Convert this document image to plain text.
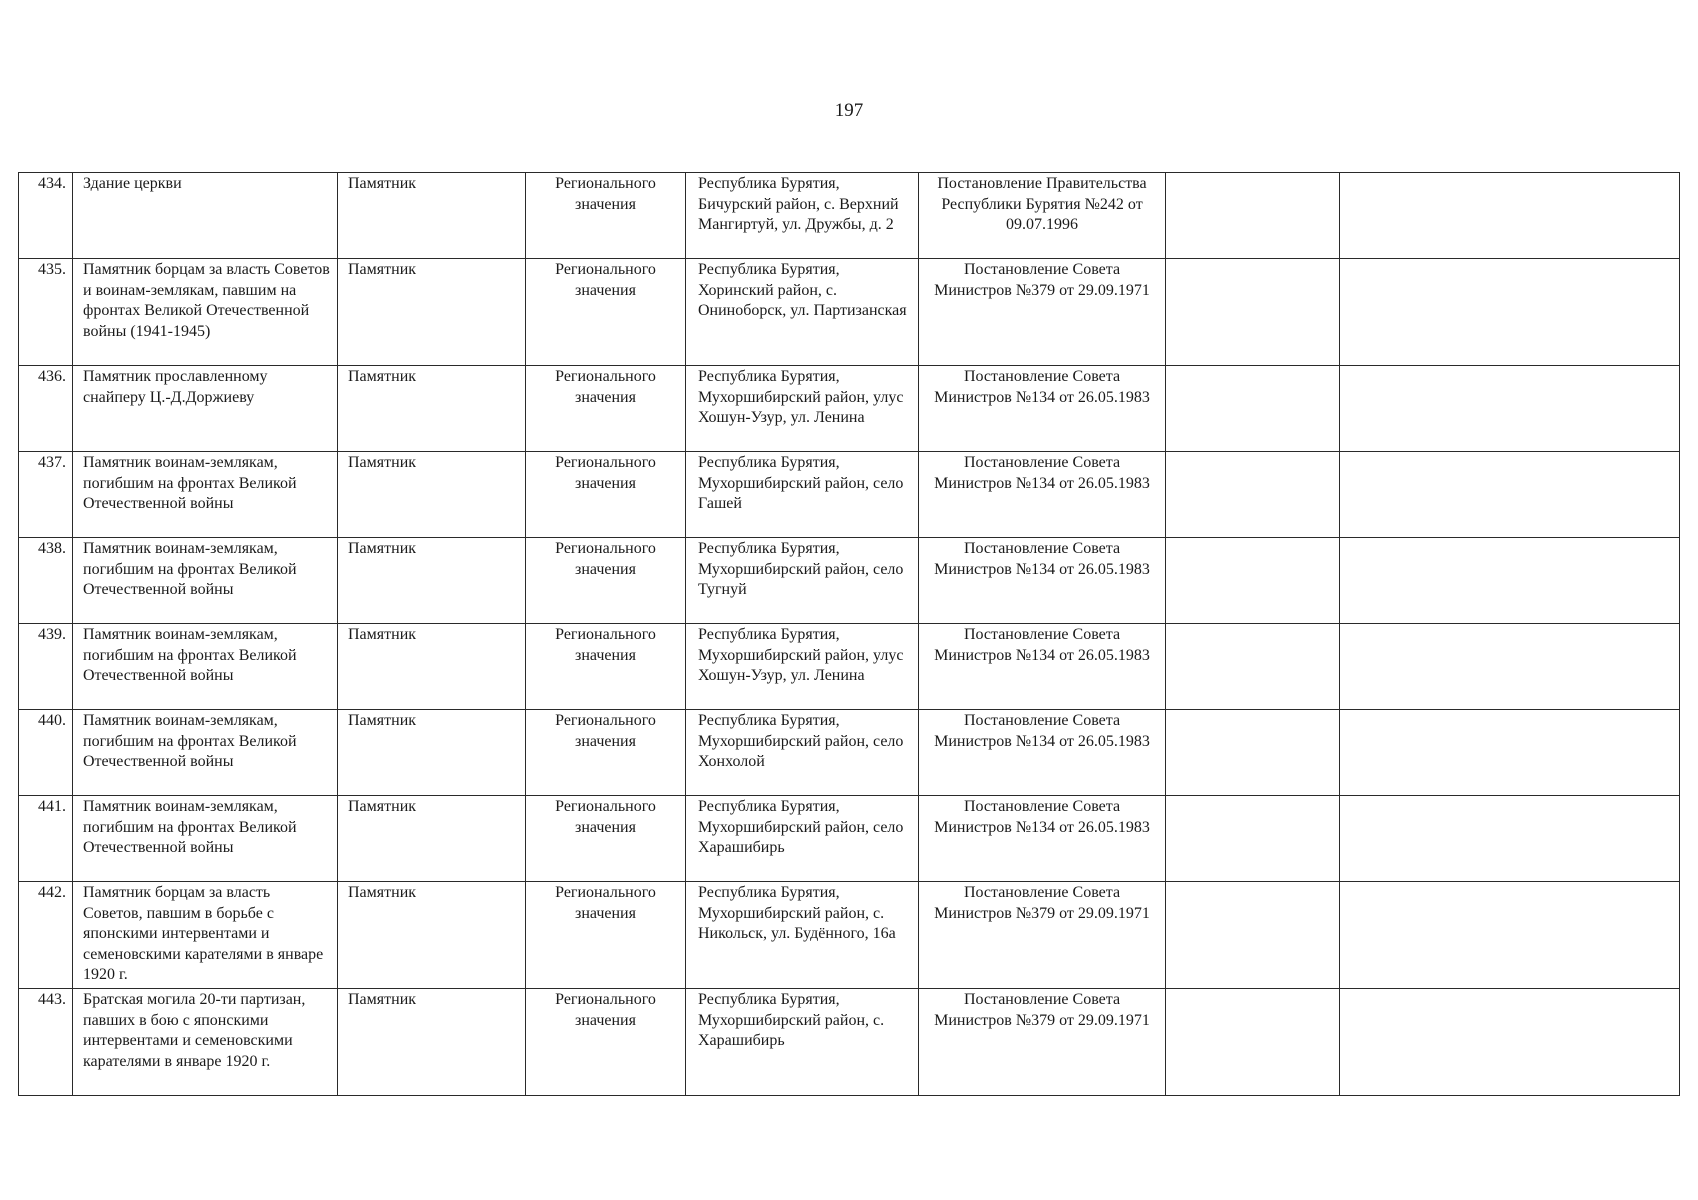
197
434.	Здание церкви	Памятник	Регионального значения	Республика Бурятия, Бичурский район, с. Верхний Мангиртуй, ул. Дружбы, д. 2	Постановление Правительства Республики Бурятия №242 от 09.07.1996		
435.	Памятник борцам за власть Советов и воинам-землякам, павшим на фронтах Великой Отечественной войны (1941-1945)	Памятник	Регионального значения	Республика Бурятия, Хоринский район, с. Ониноборск, ул. Партизанская	Постановление Совета Министров №379 от 29.09.1971		
436.	Памятник прославленному снайперу Ц.-Д.Доржиеву	Памятник	Регионального значения	Республика Бурятия, Мухоршибирский район, улус Хошун-Узур, ул. Ленина	Постановление Совета Министров №134 от 26.05.1983		
437.	Памятник воинам-землякам, погибшим на фронтах Великой Отечественной войны	Памятник	Регионального значения	Республика Бурятия, Мухоршибирский район, село Гашей	Постановление Совета Министров №134 от 26.05.1983		
438.	Памятник воинам-землякам, погибшим на фронтах Великой Отечественной войны	Памятник	Регионального значения	Республика Бурятия, Мухоршибирский район, село Тугнуй	Постановление Совета Министров №134 от 26.05.1983		
439.	Памятник воинам-землякам, погибшим на фронтах Великой Отечественной войны	Памятник	Регионального значения	Республика Бурятия, Мухоршибирский район, улус Хошун-Узур, ул. Ленина	Постановление Совета Министров №134 от 26.05.1983		
440.	Памятник воинам-землякам, погибшим на фронтах Великой Отечественной войны	Памятник	Регионального значения	Республика Бурятия, Мухоршибирский район, село Хонхолой	Постановление Совета Министров №134 от 26.05.1983		
441.	Памятник воинам-землякам, погибшим на фронтах Великой Отечественной войны	Памятник	Регионального значения	Республика Бурятия, Мухоршибирский район, село Харашибирь	Постановление Совета Министров №134 от 26.05.1983		
442.	Памятник борцам за власть Советов, павшим в борьбе с японскими интервентами и семеновскими карателями в январе 1920 г.	Памятник	Регионального значения	Республика Бурятия, Мухоршибирский район, с. Никольск, ул. Будённого, 16а	Постановление Совета Министров №379 от 29.09.1971		
443.	Братская могила 20-ти партизан, павших в бою с японскими интервентами и семеновскими карателями в январе 1920 г.	Памятник	Регионального значения	Республика Бурятия, Мухоршибирский район, с. Харашибирь	Постановление Совета Министров №379 от 29.09.1971		
